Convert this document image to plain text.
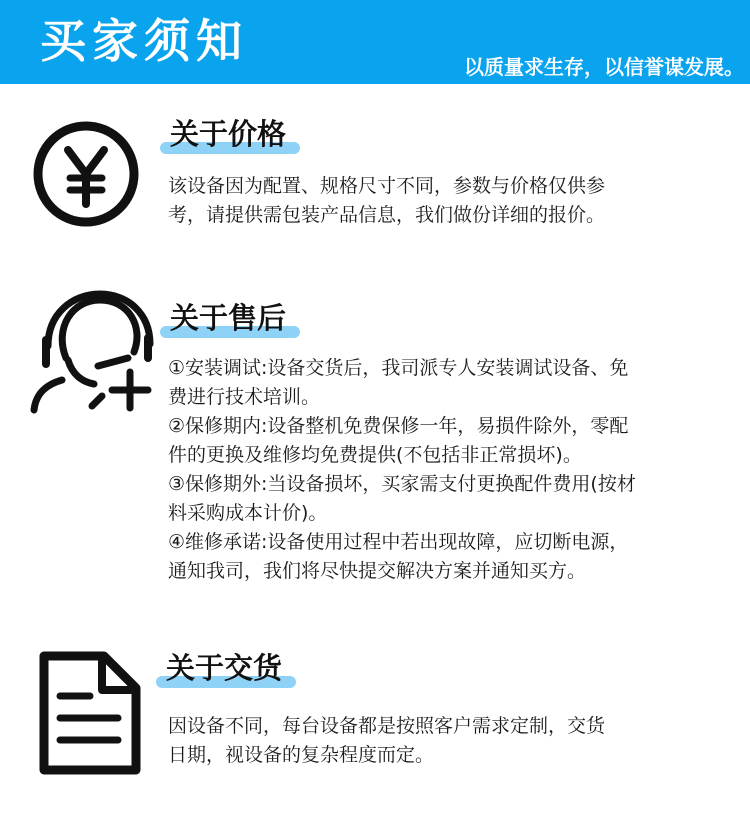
买家须知	以质量求生存，以信誉谋发展。
关于价格
该设备因为配置、规格尺寸不同，参数与价格仅供参
考，请提供需包装产品信息，我们做份详细的报价。
关于售后
①安装调试:设备交货后，我司派专人安装调试设备、免
费进行技术培训。
②保修期内:设备整机免费保修一年，易损件除外，零配
件的更换及维修均免费提供(不包括非正常损坏)。
③保修期外:当设备损坏，买家需支付更换配件费用(按材
料采购成本计价)。
④维修承诺:设备使用过程中若出现故障，应切断电源，
通知我司，我们将尽快提交解决方案并通知买方。
关于交货
因设备不同，每台设备都是按照客户需求定制，交货
日期，视设备的复杂程度而定。
